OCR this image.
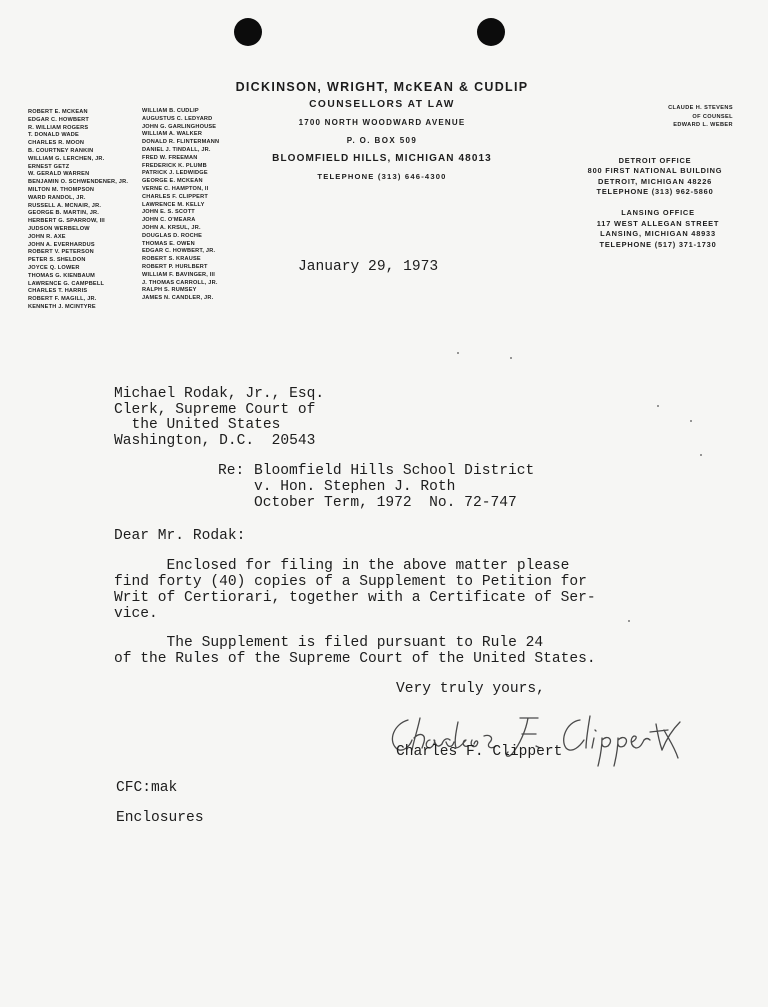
DICKINSON, WRIGHT, McKEAN & CUDLIP
COUNSELLORS AT LAW
1700 NORTH WOODWARD AVENUE
P. O. BOX 509
BLOOMFIELD HILLS, MICHIGAN 48013
TELEPHONE (313) 646-4300
ROBERT E. MCKEAN
EDGAR C. HOWBERT
R. WILLIAM ROGERS
T. DONALD WADE
CHARLES R. MOON
B. COURTNEY RANKIN
WILLIAM G. LERCHEN, JR.
ERNEST GETZ
W. GERALD WARREN
BENJAMIN O. SCHWENDENER, JR.
MILTON M. THOMPSON
WARD RANDOL, JR.
RUSSELL A. MCNAIR, JR.
GEORGE B. MARTIN, JR.
HERBERT G. SPARROW, III
JUDSON WERBELOW
JOHN R. AXE
JOHN A. EVERHARDUS
ROBERT V. PETERSON
PETER S. SHELDON
JOYCE Q. LOWER
THOMAS G. KIENBAUM
LAWRENCE G. CAMPBELL
CHARLES T. HARRIS
ROBERT F. MAGILL, JR.
KENNETH J. MCINTYRE
WILLIAM B. CUDLIP
AUGUSTUS C. LEDYARD
JOHN G. GARLINGHOUSE
WILLIAM A. WALKER
DONALD R. FLINTERMANN
DANIEL J. TINDALL, JR.
FRED W. FREEMAN
FREDERICK K. PLUMB
PATRICK J. LEDWIDGE
GEORGE E. MCKEAN
VERNE C. HAMPTON, II
CHARLES F. CLIPPERT
LAWRENCE M. KELLY
JOHN E. S. SCOTT
JOHN C. O'MEARA
JOHN A. KRSUL, JR.
DOUGLAS D. ROCHE
THOMAS E. OWEN
EDGAR C. HOWBERT, JR.
ROBERT S. KRAUSE
ROBERT P. HURLBERT
WILLIAM F. BAVINGER, III
J. THOMAS CARROLL, JR.
RALPH S. RUMSEY
JAMES N. CANDLER, JR.
CLAUDE H. STEVENS
OF COUNSEL
EDWARD L. WEBER
DETROIT OFFICE
800 FIRST NATIONAL BUILDING
DETROIT, MICHIGAN 48226
TELEPHONE (313) 962-5860
LANSING OFFICE
117 WEST ALLEGAN STREET
LANSING, MICHIGAN 48933
TELEPHONE (517) 371-1730
January 29, 1973
Michael Rodak, Jr., Esq.
Clerk, Supreme Court of
the United States
Washington, D.C.  20543
Re: Bloomfield Hills School District
v. Hon. Stephen J. Roth
October Term, 1972  No. 72-747
Dear Mr. Rodak:
Enclosed for filing in the above matter please
find forty (40) copies of a Supplement to Petition for
Writ of Certiorari, together with a Certificate of Ser-
vice.
The Supplement is filed pursuant to Rule 24
of the Rules of the Supreme Court of the United States.
Very truly yours,
Charles F. Clippert
CFC:mak
Enclosures
